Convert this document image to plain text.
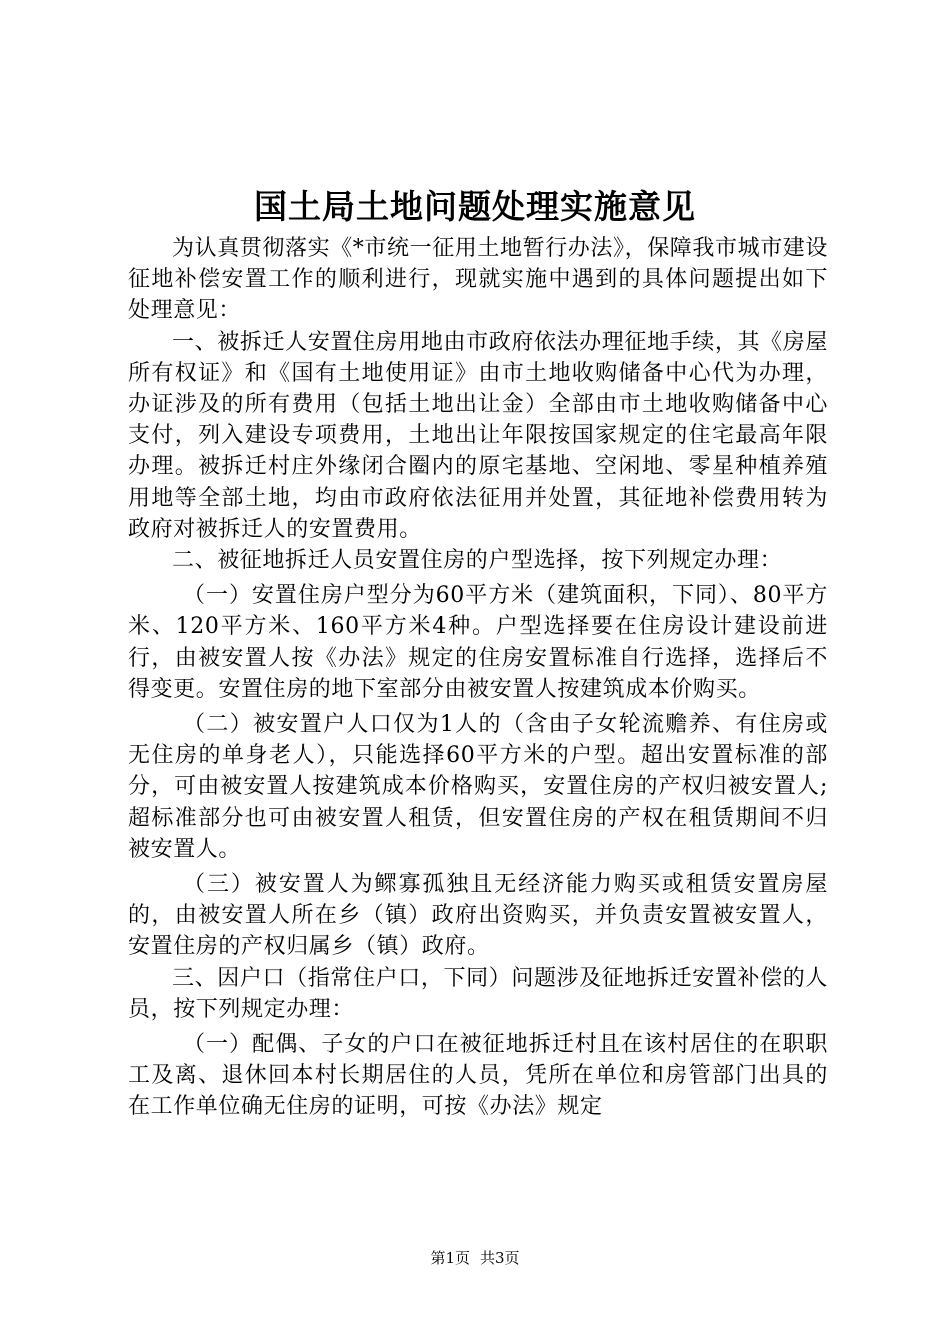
国土局土地问题处理实施意见

为认真贯彻落实《*市统一征用土地暂行办法》，保障我市城市建设征地补偿安置工作的顺利进行，现就实施中遇到的具体问题提出如下处理意见：

一、被拆迁人安置住房用地由市政府依法办理征地手续，其《房屋所有权证》和《国有土地使用证》由市土地收购储备中心代为办理，办证涉及的所有费用（包括土地出让金）全部由市土地收购储备中心支付，列入建设专项费用，土地出让年限按国家规定的住宅最高年限办理。被拆迁村庄外缘闭合圈内的原宅基地、空闲地、零星种植养殖用地等全部土地，均由市政府依法征用并处置，其征地补偿费用转为政府对被拆迁人的安置费用。

二、被征地拆迁人员安置住房的户型选择，按下列规定办理：

（一）安置住房户型分为60平方米（建筑面积，下同）、80平方米、120平方米、160平方米4种。户型选择要在住房设计建设前进行，由被安置人按《办法》规定的住房安置标准自行选择，选择后不得变更。安置住房的地下室部分由被安置人按建筑成本价购买。

（二）被安置户人口仅为1人的（含由子女轮流赡养、有住房或无住房的单身老人），只能选择60平方米的户型。超出安置标准的部分，可由被安置人按建筑成本价格购买，安置住房的产权归被安置人;超标准部分也可由被安置人租赁，但安置住房的产权在租赁期间不归被安置人。

（三）被安置人为鳏寡孤独且无经济能力购买或租赁安置房屋的，由被安置人所在乡（镇）政府出资购买，并负责安置被安置人，安置住房的产权归属乡（镇）政府。

三、因户口（指常住户口，下同）问题涉及征地拆迁安置补偿的人员，按下列规定办理：

（一）配偶、子女的户口在被征地拆迁村且在该村居住的在职职工及离、退休回本村长期居住的人员，凭所在单位和房管部门出具的在工作单位确无住房的证明，可按《办法》规定

第1页 共3页
